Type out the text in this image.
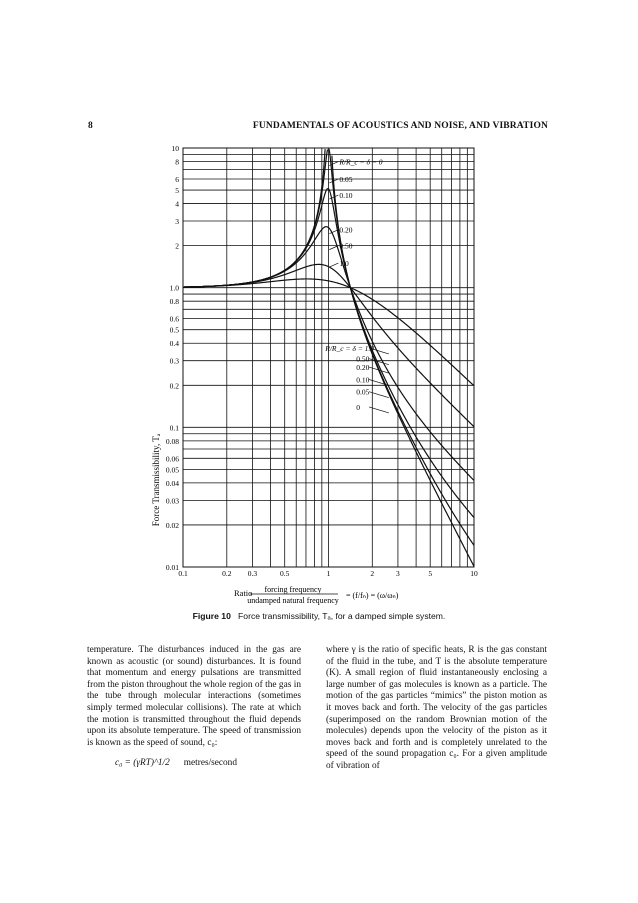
8	FUNDAMENTALS OF ACOUSTICS AND NOISE, AND VIBRATION
0.1	0.2 0.3	0.5	1	2	3	5	10
0.01
0.02
0.03
0.04
0.05
0.06
0.08
0.1
0.2
0.3
0.4
0.5
0.6
0.8
1.0
2
3
4
5
6
8
10
R/R_c = δ = 0
0.05
0.10
0.20
0.50
1.0
R/R_c = δ = 1.0
0.50
0.20
0.10
0.05
0
Force Transmissibility, Tₐ
Ratio forcing frequency
undamped natural frequency
= (f/fₙ) = (ω/ωₙ)
Figure 10 Force transmissibility, Tₐ, for a damped simple system.

temperature. The disturbances induced in the gas are known as acoustic (or sound) disturbances. It is found that momentum and energy pulsations are transmitted from the piston throughout the whole region of the gas in the tube through molecular interactions (sometimes simply termed molecular collisions). The rate at which the motion is transmitted throughout the fluid depends upon its absolute temperature. The speed of transmission is known as the speed of sound, c₀:

c₀ = (γRT)^1/2 metres/second

where γ is the ratio of specific heats, R is the gas constant of the fluid in the tube, and T is the absolute temperature (K). A small region of fluid instantaneously enclosing a large number of gas molecules is known as a particle. The motion of the gas particles “mimics” the piston motion as it moves back and forth. The velocity of the gas particles (superimposed on the random Brownian motion of the molecules) depends upon the velocity of the piston as it moves back and forth and is completely unrelated to the speed of the sound propagation c₀. For a given amplitude of vibration of
